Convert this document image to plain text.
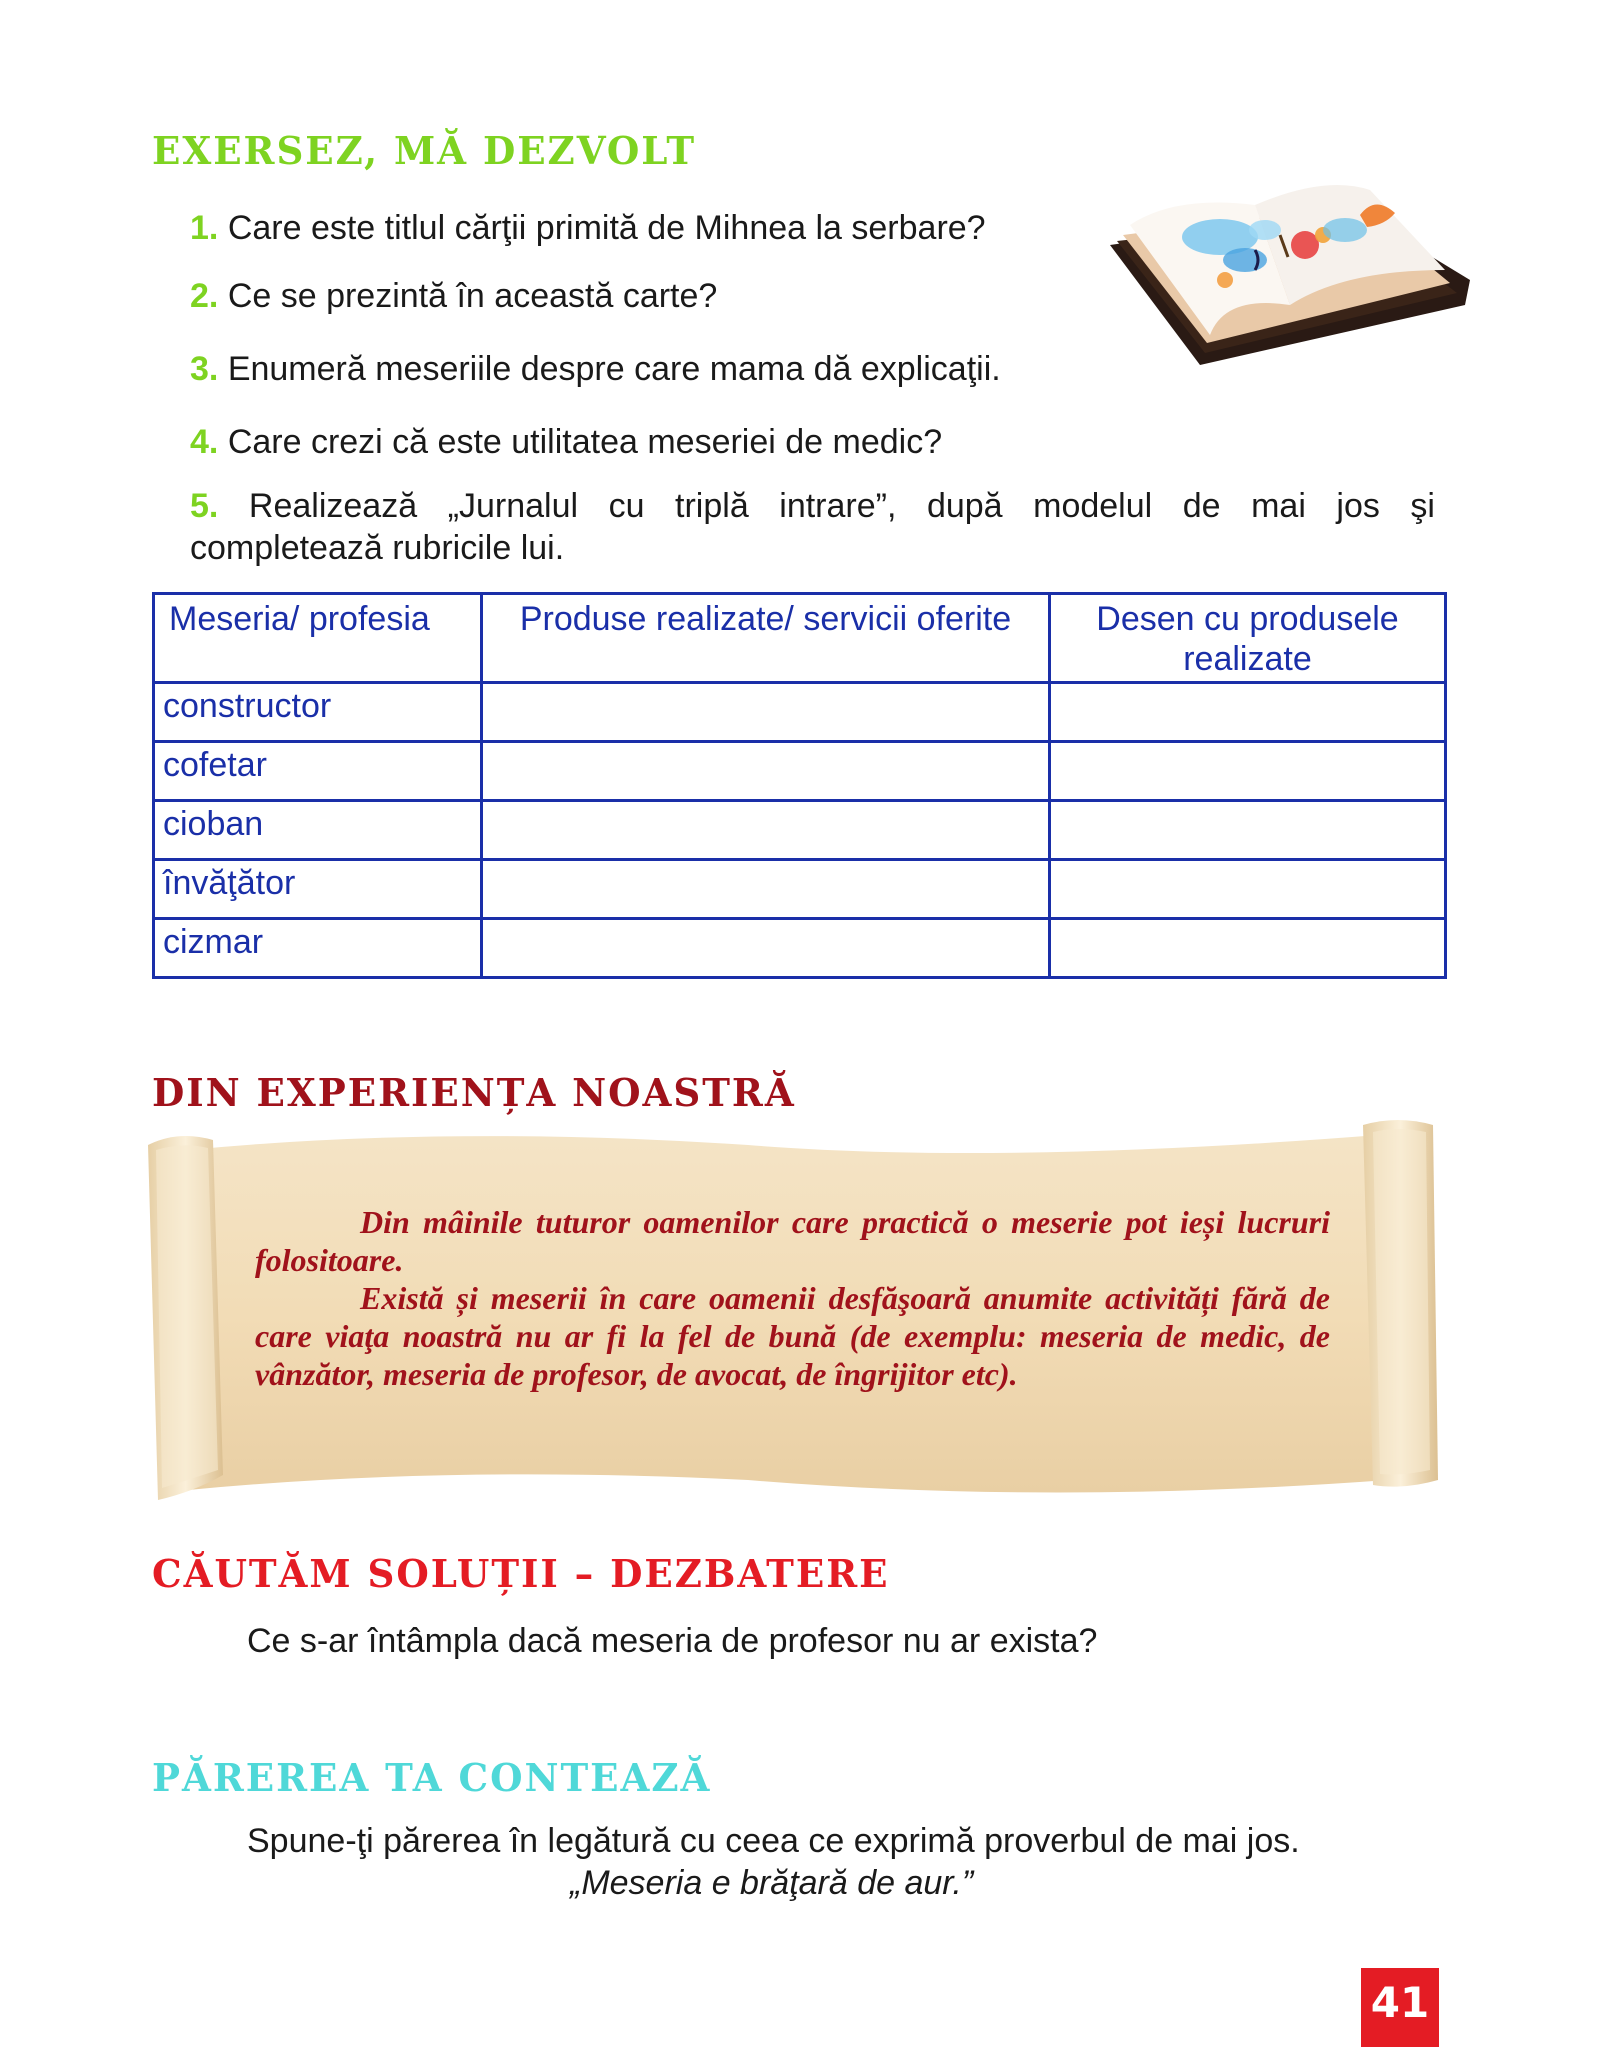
EXERSEZ, MĂ DEZVOLT
1. Care este titlul cărţii primită de Mihnea la serbare?
2. Ce se prezintă în această carte?
3. Enumeră meseriile despre care mama dă explicaţii.
4. Care crezi că este utilitatea meseriei de medic?
5. Realizează „Jurnalul cu triplă intrare”, după modelul de mai jos şi
completează rubricile lui.
Meseria/ profesia	Produse realizate/ servicii oferite	Desen cu produsele realizate
constructor		
cofetar		
cioban		
învăţător		
cizmar		
DIN EXPERIENȚA NOASTRĂ

Din mâinile tuturor oamenilor care practică o meserie pot ieși lucruri folositoare.

Există și meserii în care oamenii desfăşoară anumite activități fără de care viaţa noastră nu ar fi la fel de bună (de exemplu: meseria de medic, de vânzător, meseria de profesor, de avocat, de îngrijitor etc).

CĂUTĂM SOLUȚII – DEZBATERE
Ce s-ar întâmpla dacă meseria de profesor nu ar exista?
PĂREREA TA CONTEAZĂ
Spune-ţi părerea în legătură cu ceea ce exprimă proverbul de mai jos.
„Meseria e brăţară de aur.”
41
